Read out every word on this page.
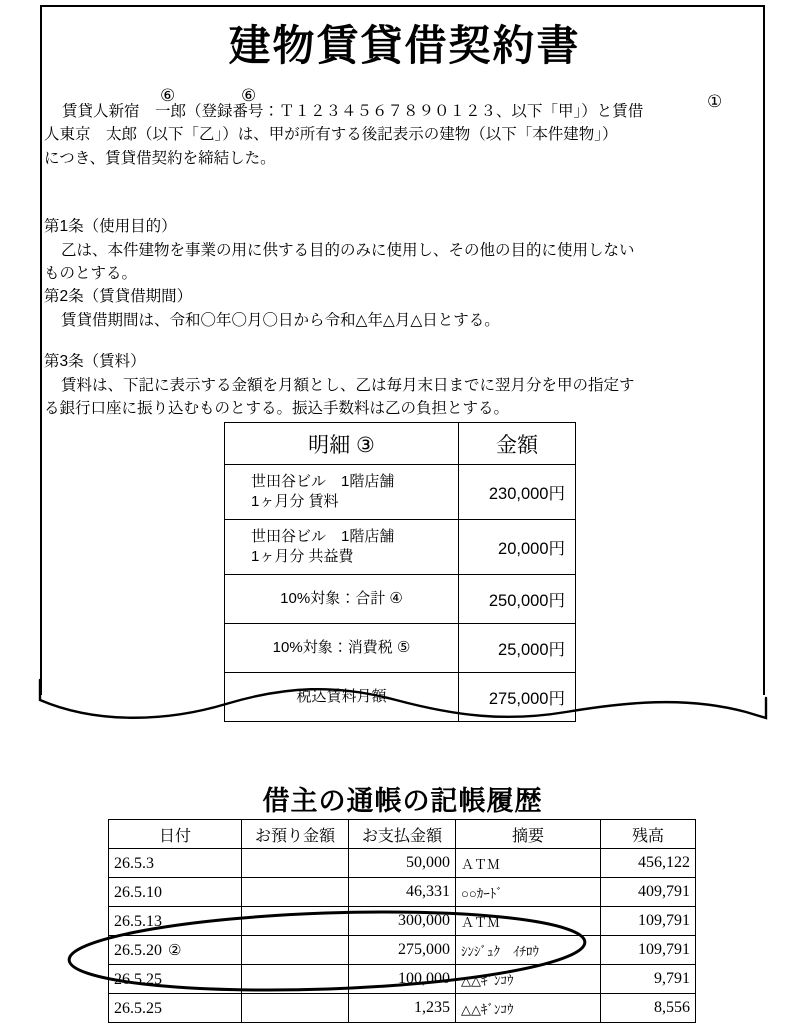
建物賃貸借契約書
⑥	⑥	①
賃貸人新宿　一郎（登録番号：Ｔ１２３４５６７８９０１２３、以下「甲」）と賃借
人東京　太郎（以下「乙」）は、甲が所有する後記表示の建物（以下「本件建物」）
につき、賃貸借契約を締結した。
第1条（使用目的）
乙は、本件建物を事業の用に供する目的のみに使用し、その他の目的に使用しない
ものとする。
第2条（賃貸借期間）
賃貸借期間は、令和〇年〇月〇日から令和△年△月△日とする。
第3条（賃料）
賃料は、下記に表示する金額を月額とし、乙は毎月末日までに翌月分を甲の指定す
る銀行口座に振り込むものとする。振込手数料は乙の負担とする。
明細 ③	金額

世田谷ビル　1階店舗
1ヶ月分 賃料	230,000円

世田谷ビル　1階店舗
1ヶ月分 共益費	20,000円
10%対象：合計 ④	250,000円
10%対象：消費税 ⑤	25,000円
税込賃料月額	275,000円
借主の通帳の記帳履歴
日付	お預り金額	お支払金額	摘要	残高
26.5.3		50,000	ＡＴＭ	456,122
26.5.10		46,331	○○ｶｰﾄﾞ	409,791
26.5.13		300,000	ＡＴＭ	109,791
26.5.20 ②		275,000	ｼﾝｼﾞｭｸ　ｲﾁﾛｳ	109,791
26.5.25		100,000	△△ｷﾞﾝｺｳ	9,791
26.5.25		1,235	△△ｷﾞﾝｺｳ	8,556
